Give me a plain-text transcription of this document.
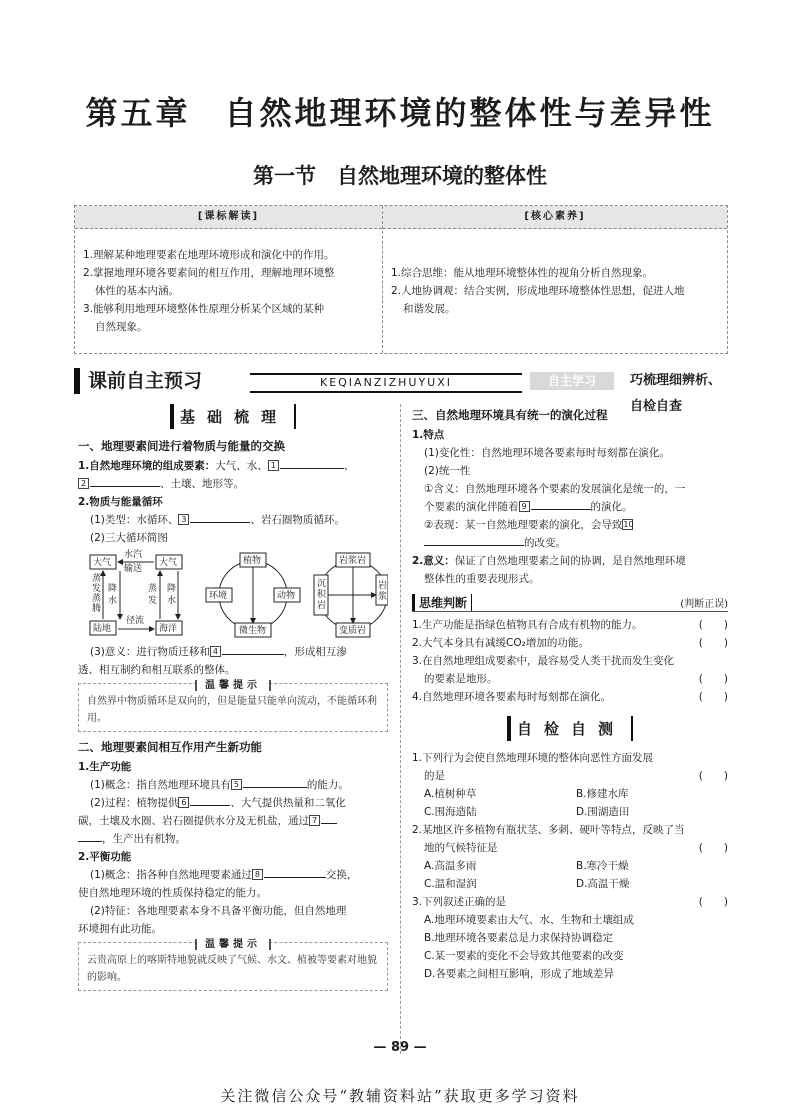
第五章 自然地理环境的整体性与差异性
第一节　自然地理环境的整体性
[课标解读]	[核心素养]
1.理解某种地理要素在地理环境形成和演化中的作用。
2.掌握地理环境各要素间的相互作用，理解地理环境整
体性的基本内涵。
3.能够利用地理环境整体性原理分析某个区域的某种
自然现象。
1.综合思维：能从地理环境整体性的视角分析自然现象。
2.人地协调观：结合实例，形成地理环境整体性思想，促进人地
和谐发展。
课前自主预习	KEQIANZIZHUYUXI	自主学习	巧梳理细辨析、自检自查
基础梳理
一、地理要素间进行着物质与能量的交换
1.自然地理环境的组成要素：大气、水、 1	、
2	、土壤、地形等。
2.物质与能量循环
(1)类型：水循环、 3	、岩石圈物质循环。
(2)三大循环简图
大气	大气
水汽
输送
蒸发蒸腾
降水
蒸发
降水
陆地	海洋
径流
植物
环境	动物
微生物
岩浆岩
沉积岩
岩浆
变质岩
(3)意义：进行物质迁移和 4	，形成相互渗
透、相互制约和相互联系的整体。
温馨提示
自然界中物质循环是双向的，但是能量只能单向流动，不能循环利用。
二、地理要素间相互作用产生新功能
1.生产功能
(1)概念：指自然地理环境具有 5	的能力。
(2)过程：植物提供 6	、大气提供热量和二氧化
碳，土壤及水圈、岩石圈提供水分及无机盐，通过 7
，生产出有机物。
2.平衡功能
(1)概念：指各种自然地理要素通过 8	交换，
使自然地理环境的性质保持稳定的能力。
(2)特征：各地理要素本身不具备平衡功能，但自然地理
环境拥有此功能。
温馨提示
云贵高原上的喀斯特地貌就反映了气候、水文、植被等要素对地貌的影响。
三、自然地理环境具有统一的演化过程
1.特点
(1)变化性：自然地理环境各要素每时每刻都在演化。
(2)统一性
①含义：自然地理环境各个要素的发展演化是统一的，一
个要素的演化伴随着 9	的演化。
②表现：某一自然地理要素的演化，会导致10
的改变。
2.意义：保证了自然地理要素之间的协调，是自然地理环境
整体性的重要表现形式。
思维判断	(判断正误)
1.生产功能是指绿色植物具有合成有机物的能力。	(　　)
2.大气本身具有减缓CO₂增加的功能。	(　　)
3.在自然地理组成要素中，最容易受人类干扰而发生变化
的要素是地形。	(　　)
4.自然地理环境各要素每时每刻都在演化。	(　　)
自检自测
1.下列行为会使自然地理环境的整体向恶性方面发展
的是	(　　)
A.植树种草	B.修建水库
C.围海造陆	D.围湖造田
2.某地区许多植物有瓶状茎、多刺、硬叶等特点，反映了当
地的气候特征是	(　　)
A.高温多雨	B.寒冷干燥
C.温和湿润	D.高温干燥
3.下列叙述正确的是	(　　)
A.地理环境要素由大气、水、生物和土壤组成
B.地理环境各要素总是力求保持协调稳定
C.某一要素的变化不会导致其他要素的改变
D.各要素之间相互影响，形成了地域差异
— 89 —
关注微信公众号“教辅资料站”获取更多学习资料
